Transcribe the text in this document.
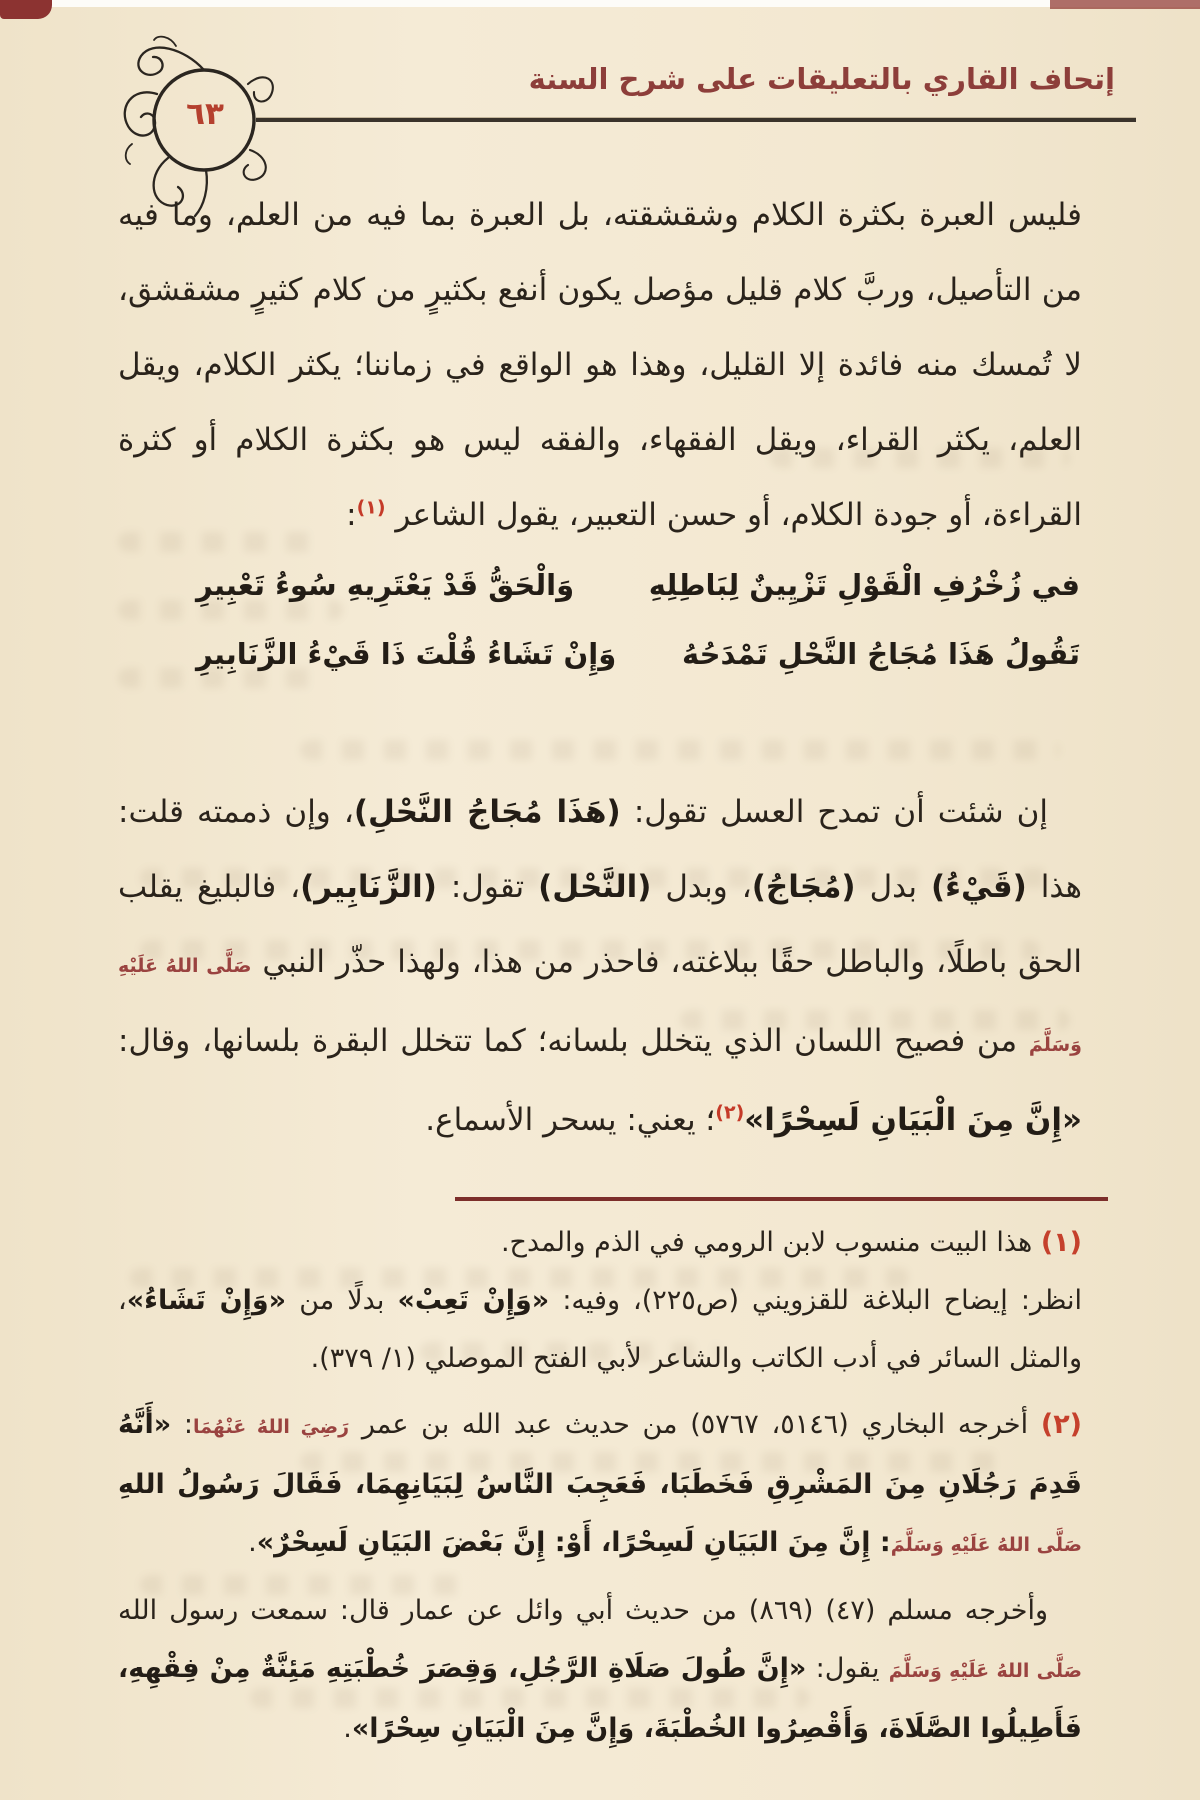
٦٣
إتحاف القاري بالتعليقات على شرح السنة
فليس العبرة بكثرة الكلام وشقشقته، بل العبرة بما فيه من العلم، وما فيه من التأصيل، وربَّ كلام قليل مؤصل يكون أنفع بكثيرٍ من كلام كثيرٍ مشقشق، لا تُمسك منه فائدة إلا القليل، وهذا هو الواقع في زماننا؛ يكثر الكلام، ويقل العلم، يكثر القراء، ويقل الفقهاء، والفقه ليس هو بكثرة الكلام أو كثرة القراءة، أو جودة الكلام، أو حسن التعبير، يقول الشاعر $^{(١)}$:
في زُخْرُفِ الْقَوْلِ تَزْيِينٌ لِبَاطِلِهِ
وَالْحَقُّ قَدْ يَعْتَرِيهِ سُوءُ تَعْبِيرِ
تَقُولُ هَذَا مُجَاجُ النَّحْلِ تَمْدَحُهُ
وَإِنْ تَشَاءُ قُلْتَ ذَا قَيْءُ الزَّنَابِيرِ
إن شئت أن تمدح العسل تقول: (هَذَا مُجَاجُ النَّحْلِ)، وإن ذممته قلت: هذا (قَيْءُ) بدل (مُجَاجُ)، وبدل (النَّحْل) تقول: (الزَّنَابِير)، فالبليغ يقلب الحق باطلًا، والباطل حقًا ببلاغته، فاحذر من هذا، ولهذا حذّر النبي صَلَّى اللهُ عَلَيْهِ وَسَلَّمَ من فصيح اللسان الذي يتخلل بلسانه؛ كما تتخلل البقرة بلسانها، وقال: «إِنَّ مِنَ الْبَيَانِ لَسِحْرًا»$^{(٢)}$؛ يعني: يسحر الأسماع.
(١) هذا البيت منسوب لابن الرومي في الذم والمدح.
انظر: إيضاح البلاغة للقزويني (ص٢٢٥)، وفيه: «وَإِنْ تَعِبْ» بدلًا من «وَإِنْ تَشَاءُ»، والمثل السائر في أدب الكاتب والشاعر لأبي الفتح الموصلي (١/ ٣٧٩).
(٢) أخرجه البخاري (٥١٤٦، ٥٧٦٧) من حديث عبد الله بن عمر رَضِيَ اللهُ عَنْهُمَا: «أَنَّهُ قَدِمَ رَجُلَانِ مِنَ المَشْرِقِ فَخَطَبَا، فَعَجِبَ النَّاسُ لِبَيَانِهِمَا، فَقَالَ رَسُولُ اللهِ صَلَّى اللهُ عَلَيْهِ وَسَلَّمَ: إِنَّ مِنَ البَيَانِ لَسِحْرًا، أَوْ: إِنَّ بَعْضَ البَيَانِ لَسِحْرٌ».
وأخرجه مسلم (٤٧) (٨٦٩) من حديث أبي وائل عن عمار قال: سمعت رسول الله صَلَّى اللهُ عَلَيْهِ وَسَلَّمَ يقول: «إِنَّ طُولَ صَلَاةِ الرَّجُلِ، وَقِصَرَ خُطْبَتِهِ مَئِنَّةٌ مِنْ فِقْهِهِ، فَأَطِيلُوا الصَّلَاةَ، وَأَقْصِرُوا الخُطْبَةَ، وَإِنَّ مِنَ الْبَيَانِ سِحْرًا».
